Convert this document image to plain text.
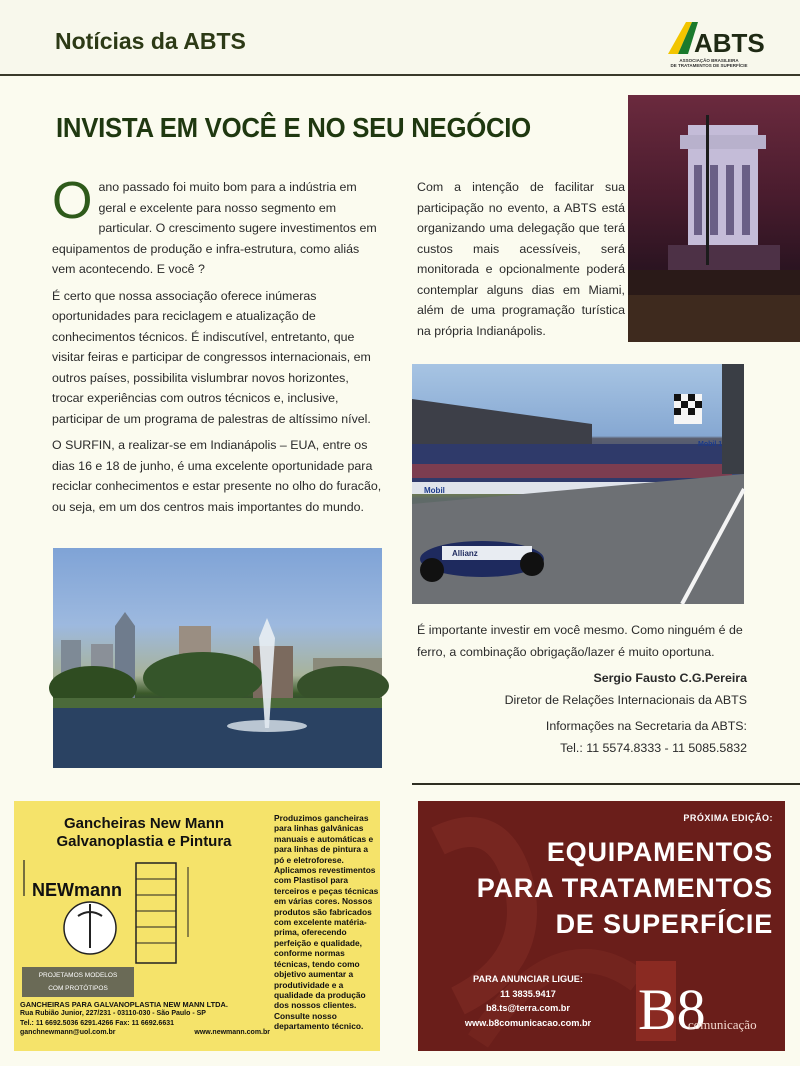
Notícias da ABTS	ABTS
ASSOCIAÇÃO BRASILEIRA
DE TRATAMENTOS DE SUPERFÍCIE
INVISTA EM VOCÊ E NO SEU NEGÓCIO

Oano passado foi muito bom para a indústria em geral e excelente para nosso segmento em particular. O crescimento sugere investimentos em equipamentos de produção e infra-estrutura, como aliás vem acontecendo. E você ?

É certo que nossa associação oferece inúmeras oportunidades para reciclagem e atualização de conhecimentos técnicos. É indiscutível, entretanto, que visitar feiras e participar de congressos internacionais, em outros países, possibilita vislumbrar novos horizontes, trocar experiências com outros técnicos e, inclusive, participar de um programa de palestras de altíssimo nível.

O SURFIN, a realizar-se em Indianápolis – EUA, entre os dias 16 e 18 de junho, é uma excelente oportunidade para reciclar conhecimentos e estar presente no olho do furacão, ou seja, em um dos centros mais importantes do mundo.

Com a intenção de facilitar sua participação no evento, a ABTS está organizando uma delegação que terá custos mais acessíveis, será monitorada e opcionalmente poderá contemplar alguns dias em Miami, além de uma programação turística na própria Indianápolis.

Mobil
Mobil 1
Allianz

É importante investir em você mesmo. Como ninguém é de ferro, a combinação obrigação/lazer é muito oportuna.

Sergio Fausto C.G.Pereira
Diretor de Relações Internacionais da ABTS
Informações na Secretaria da ABTS:
Tel.: 11 5574.8333 - 11 5085.5832
Gancheiras New Mann
Galvanoplastia e Pintura
NEWmann
PROJETAMOS MODELOS
COM PROTÓTIPOS
Produzimos gancheiras para linhas galvânicas manuais e automáticas e para linhas de pintura a pó e eletroforese. Aplicamos revestimentos com Plastisol para terceiros e peças técnicas em várias cores. Nossos produtos são fabricados com excelente matéria-prima, oferecendo perfeição e qualidade, conforme normas técnicas, tendo como objetivo aumentar a produtividade e a qualidade da produção dos nossos clientes. Consulte nosso departamento técnico.
GANCHEIRAS PARA GALVANOPLASTIA NEW MANN LTDA.
Rua Rubião Junior, 227/231 - 03110-030 - São Paulo - SP
Tel.: 11 6692.5036 6291.4266 Fax: 11 6692.6631
ganchnewmann@uol.com.br	www.newmann.com.br
PRÓXIMA EDIÇÃO:
EQUIPAMENTOS
PARA TRATAMENTOS
DE SUPERFÍCIE
PARA ANUNCIAR LIGUE:
11 3835.9417
b8.ts@terra.com.br
www.b8comunicacao.com.br B8
comunicação
